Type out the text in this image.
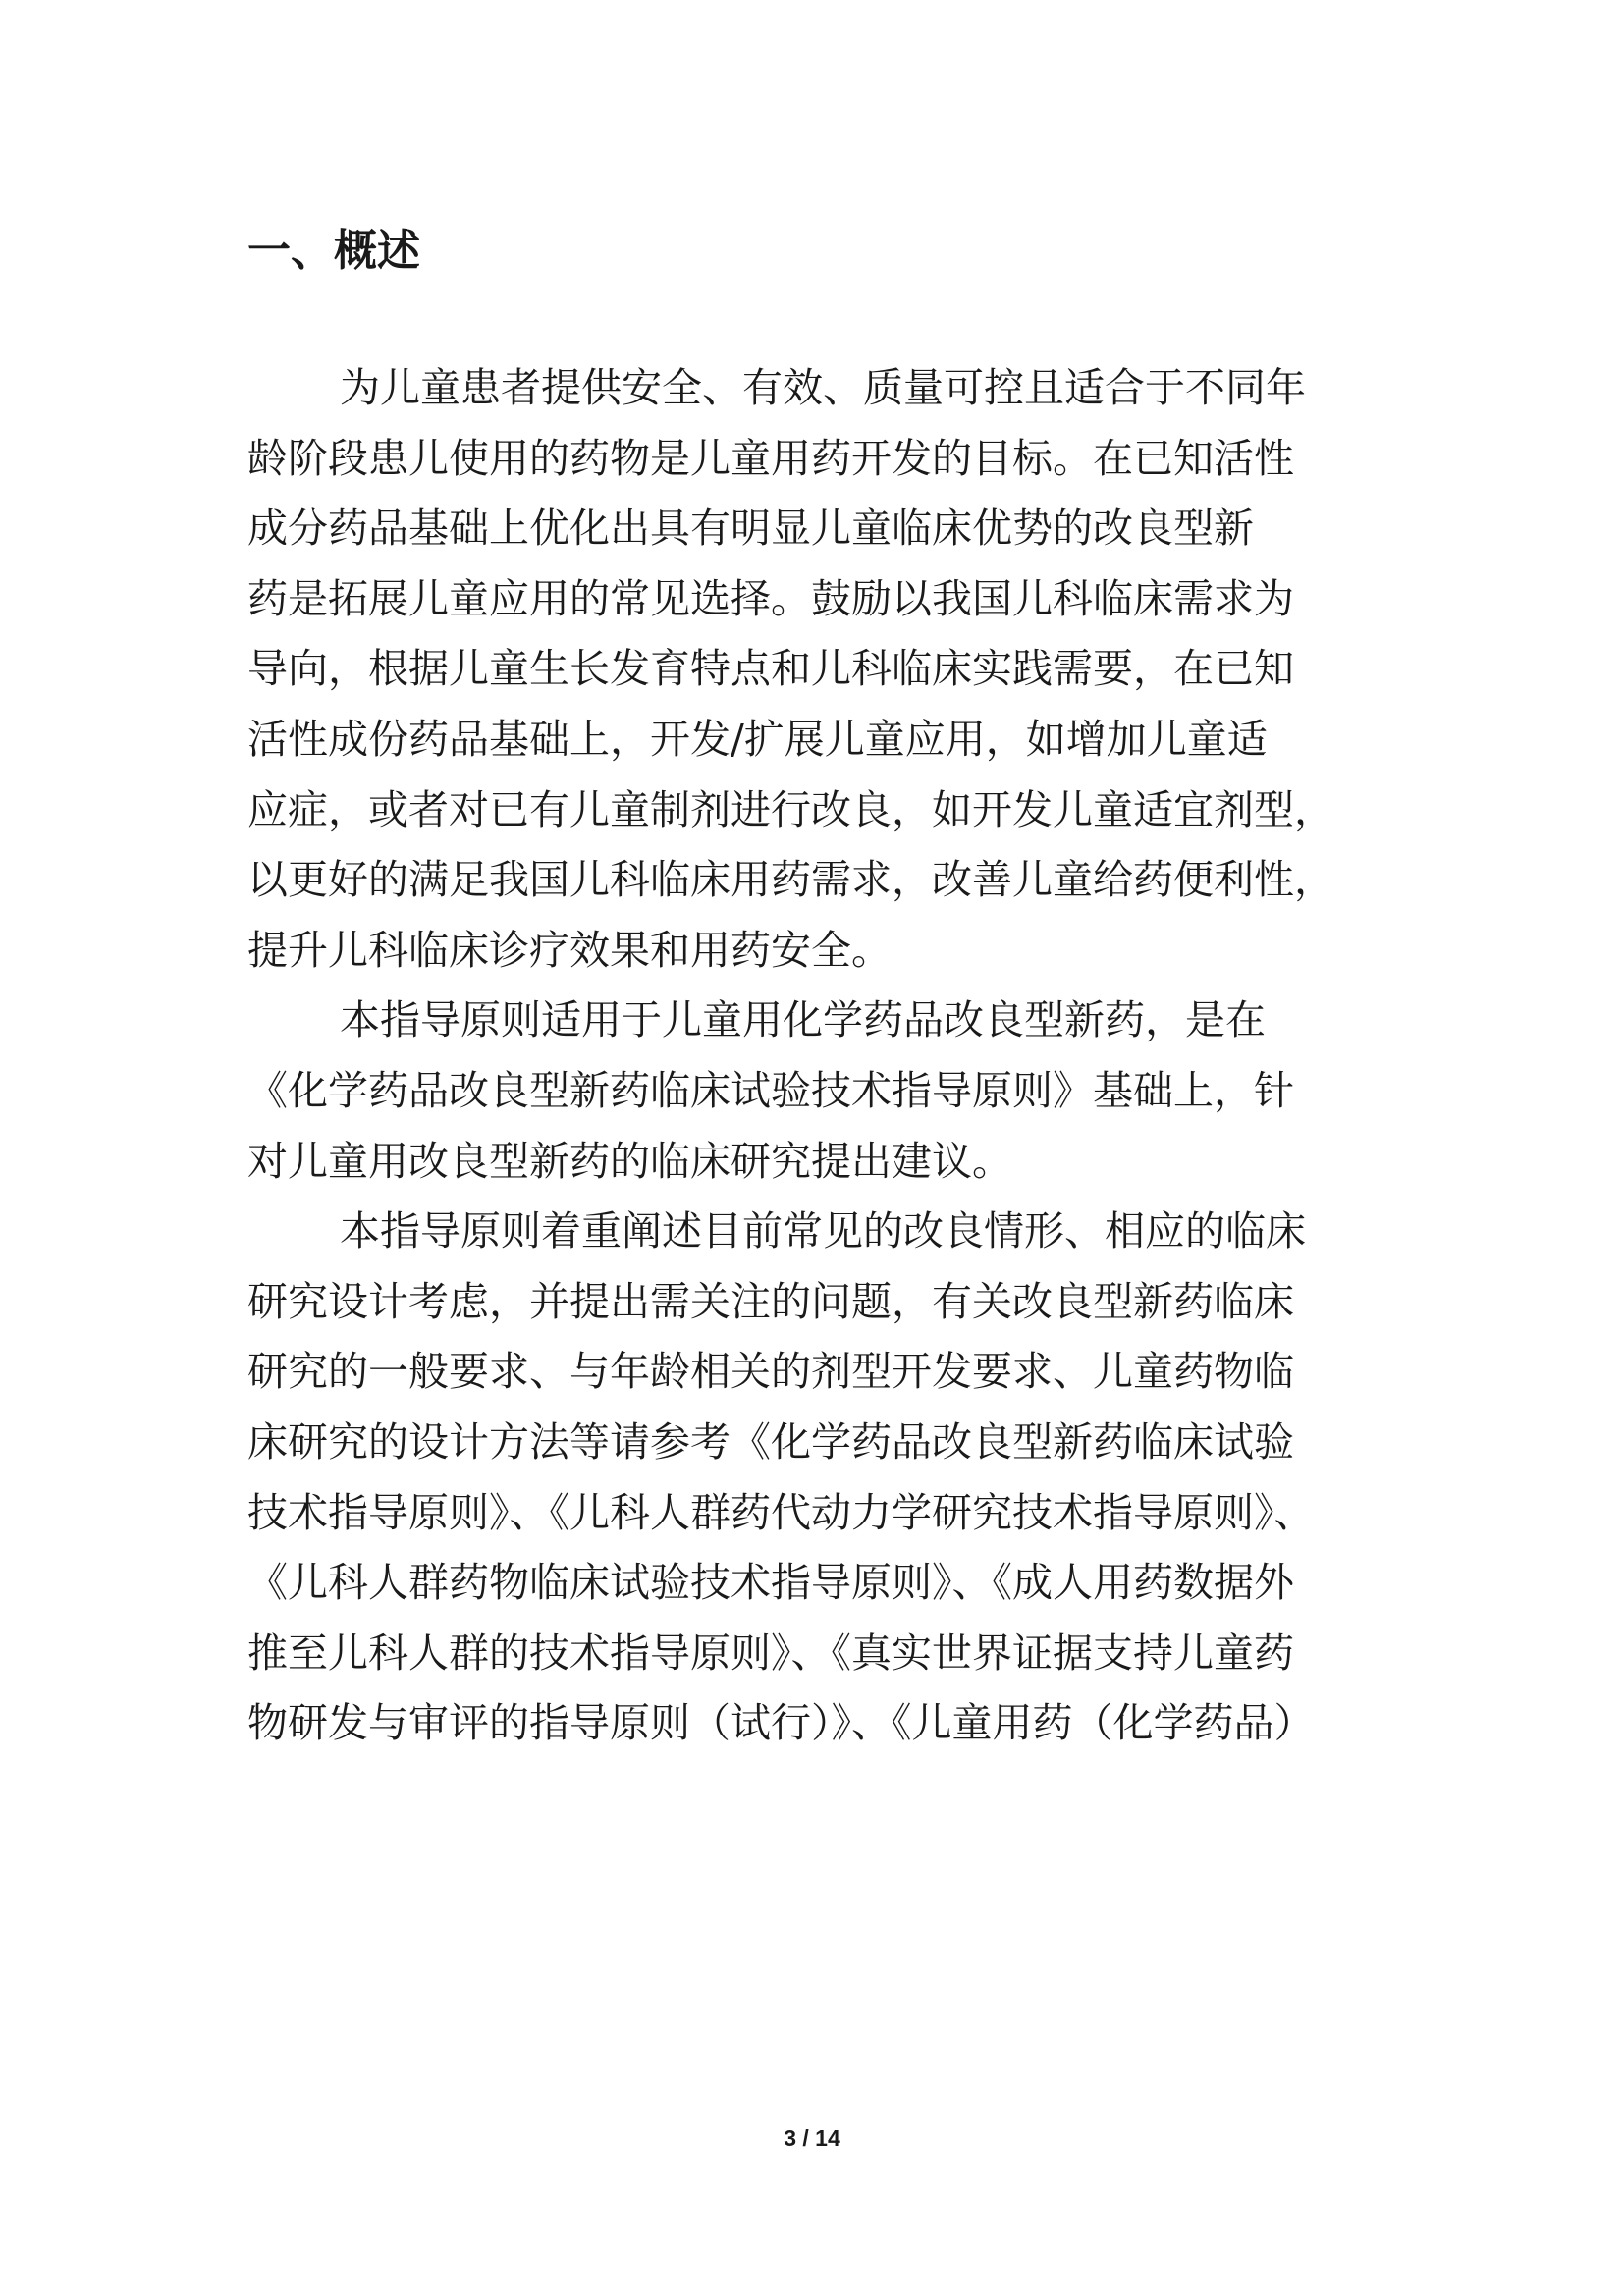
一、概述
为儿童患者提供安全、有效、质量可控且适合于不同年
龄阶段患儿使用的药物是儿童用药开发的目标。在已知活性
成分药品基础上优化出具有明显儿童临床优势的改良型新
药是拓展儿童应用的常见选择。鼓励以我国儿科临床需求为
导向，根据儿童生长发育特点和儿科临床实践需要，在已知
活性成份药品基础上，开发/扩展儿童应用，如增加儿童适
应症，或者对已有儿童制剂进行改良，如开发儿童适宜剂型，
以更好的满足我国儿科临床用药需求，改善儿童给药便利性，
提升儿科临床诊疗效果和用药安全。
本指导原则适用于儿童用化学药品改良型新药，是在
《化学药品改良型新药临床试验技术指导原则》基础上，针
对儿童用改良型新药的临床研究提出建议。
本指导原则着重阐述目前常见的改良情形、相应的临床
研究设计考虑，并提出需关注的问题，有关改良型新药临床
研究的一般要求、与年龄相关的剂型开发要求、儿童药物临
床研究的设计方法等请参考《化学药品改良型新药临床试验
技术指导原则》、《儿科人群药代动力学研究技术指导原则》、
《儿科人群药物临床试验技术指导原则》、《成人用药数据外
推至儿科人群的技术指导原则》、《真实世界证据支持儿童药
物研发与审评的指导原则（试行）》、《儿童用药（化学药品）
3 / 14
